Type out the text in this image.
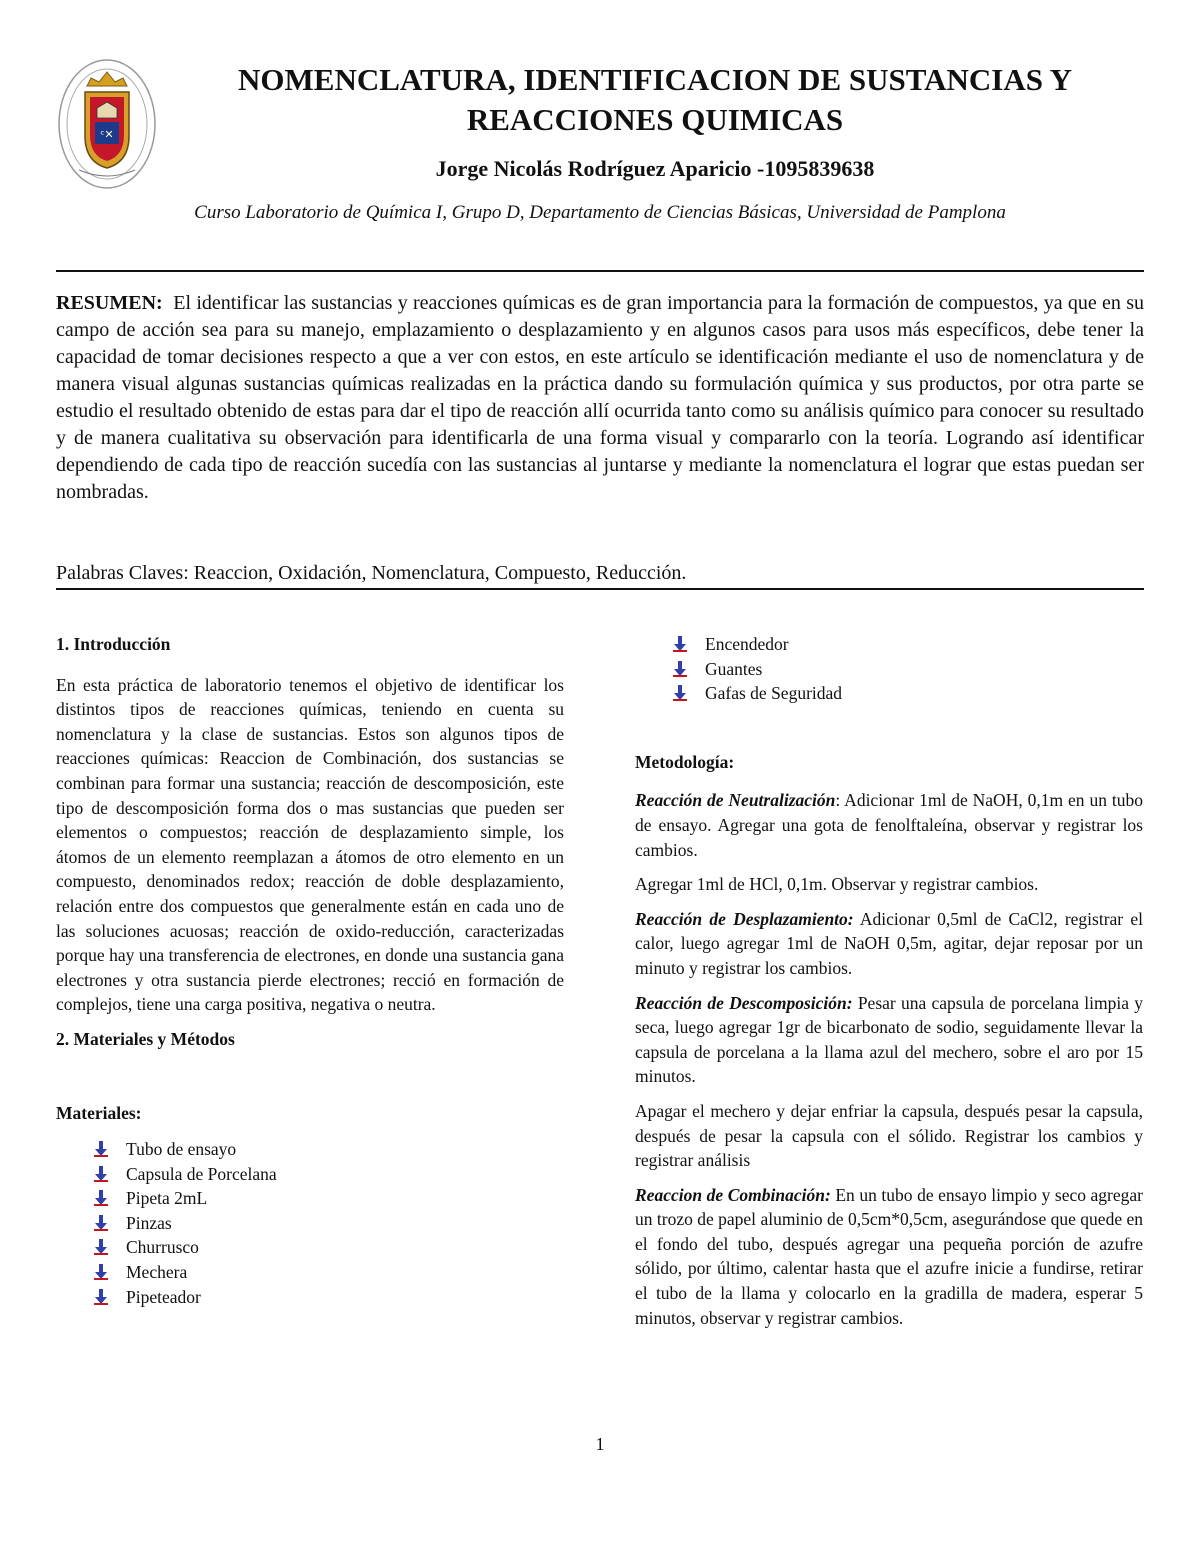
ᶜ✕
NOMENCLATURA, IDENTIFICACION DE SUSTANCIAS Y REACCIONES QUIMICAS
Jorge Nicolás Rodríguez Aparicio -1095839638
Curso Laboratorio de Química I, Grupo D, Departamento de Ciencias Básicas, Universidad de Pamplona
RESUMEN: El identificar las sustancias y reacciones químicas es de gran importancia para la formación de compuestos, ya que en su campo de acción sea para su manejo, emplazamiento o desplazamiento y en algunos casos para usos más específicos, debe tener la capacidad de tomar decisiones respecto a que a ver con estos, en este artículo se identificación mediante el uso de nomenclatura y de manera visual algunas sustancias químicas realizadas en la práctica dando su formulación química y sus productos, por otra parte se estudio el resultado obtenido de estas para dar el tipo de reacción allí ocurrida tanto como su análisis químico para conocer su resultado y de manera cualitativa su observación para identificarla de una forma visual y compararlo con la teoría. Logrando así identificar dependiendo de cada tipo de reacción sucedía con las sustancias al juntarse y mediante la nomenclatura el lograr que estas puedan ser nombradas.
Palabras Claves: Reaccion, Oxidación, Nomenclatura, Compuesto, Reducción.
1. Introducción

En esta práctica de laboratorio tenemos el objetivo de identificar los distintos tipos de reacciones químicas, teniendo en cuenta su nomenclatura y la clase de sustancias. Estos son algunos tipos de reacciones químicas: Reaccion de Combinación, dos sustancias se combinan para formar una sustancia; reacción de descomposición, este tipo de descomposición forma dos o mas sustancias que pueden ser elementos o compuestos; reacción de desplazamiento simple, los átomos de un elemento reemplazan a átomos de otro elemento en un compuesto, denominados redox; reacción de doble desplazamiento, relación entre dos compuestos que generalmente están en cada uno de las soluciones acuosas; reacción de oxido-reducción, caracterizadas porque hay una transferencia de electrones, en donde una sustancia gana electrones y otra sustancia pierde electrones; recció en formación de complejos, tiene una carga positiva, negativa o neutra.

2. Materiales y Métodos
Materiales:
Tubo de ensayo
Capsula de Porcelana
Pipeta 2mL
Pinzas
Churrusco
Mechera
Pipeteador
Encendedor
Guantes
Gafas de Seguridad
Metodología:

Reacción de Neutralización: Adicionar 1ml de NaOH, 0,1m en un tubo de ensayo. Agregar una gota de fenolftaleína, observar y registrar los cambios.

Agregar 1ml de HCl, 0,1m. Observar y registrar cambios.

Reacción de Desplazamiento: Adicionar 0,5ml de CaCl2, registrar el calor, luego agregar 1ml de NaOH 0,5m, agitar, dejar reposar por un minuto y registrar los cambios.

Reacción de Descomposición: Pesar una capsula de porcelana limpia y seca, luego agregar 1gr de bicarbonato de sodio, seguidamente llevar la capsula de porcelana a la llama azul del mechero, sobre el aro por 15 minutos.

Apagar el mechero y dejar enfriar la capsula, después pesar la capsula, después de pesar la capsula con el sólido. Registrar los cambios y registrar análisis

Reaccion de Combinación: En un tubo de ensayo limpio y seco agregar un trozo de papel aluminio de 0,5cm*0,5cm, asegurándose que quede en el fondo del tubo, después agregar una pequeña porción de azufre sólido, por último, calentar hasta que el azufre inicie a fundirse, retirar el tubo de la llama y colocarlo en la gradilla de madera, esperar 5 minutos, observar y registrar cambios.

1
